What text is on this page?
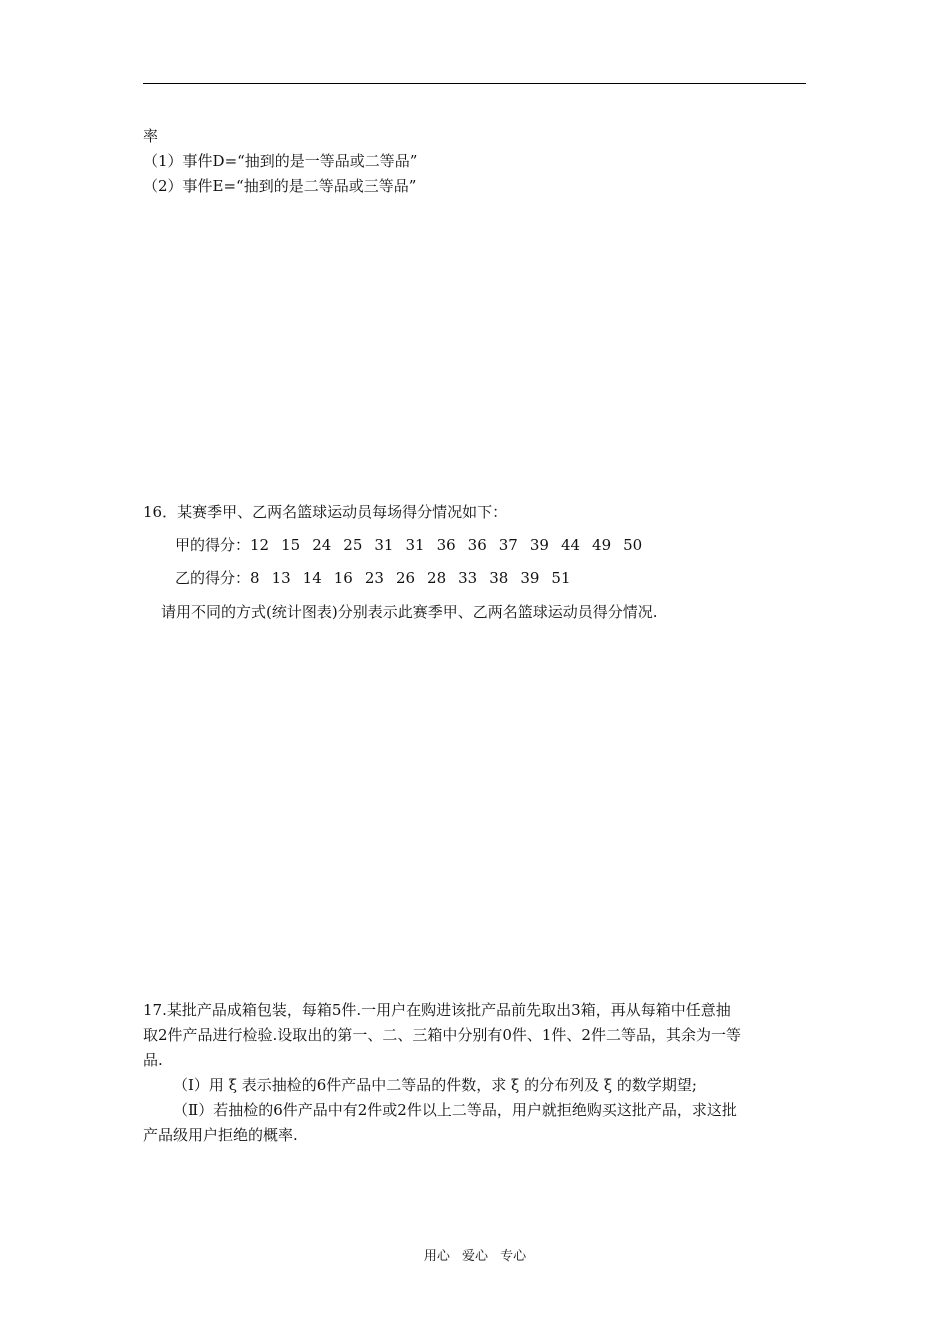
率
（1）事件D=“抽到的是一等品或二等品”
（2）事件E=“抽到的是二等品或三等品”
16．某赛季甲、乙两名篮球运动员每场得分情况如下：
甲的得分：12 15 24 25 31 31 36 36 37 39 44 49 50
乙的得分：8 13 14 16 23 26 28 33 38 39 51
请用不同的方式(统计图表)分别表示此赛季甲、乙两名篮球运动员得分情况.
17.某批产品成箱包装，每箱5件.一用户在购进该批产品前先取出3箱，再从每箱中任意抽
取2件产品进行检验.设取出的第一、二、三箱中分别有0件、1件、2件二等品，其余为一等
品.
（Ⅰ）用 ξ 表示抽检的6件产品中二等品的件数，求 ξ 的分布列及 ξ 的数学期望;
（Ⅱ）若抽检的6件产品中有2件或2件以上二等品，用户就拒绝购买这批产品，求这批
产品级用户拒绝的概率.
用心 爱心 专心
